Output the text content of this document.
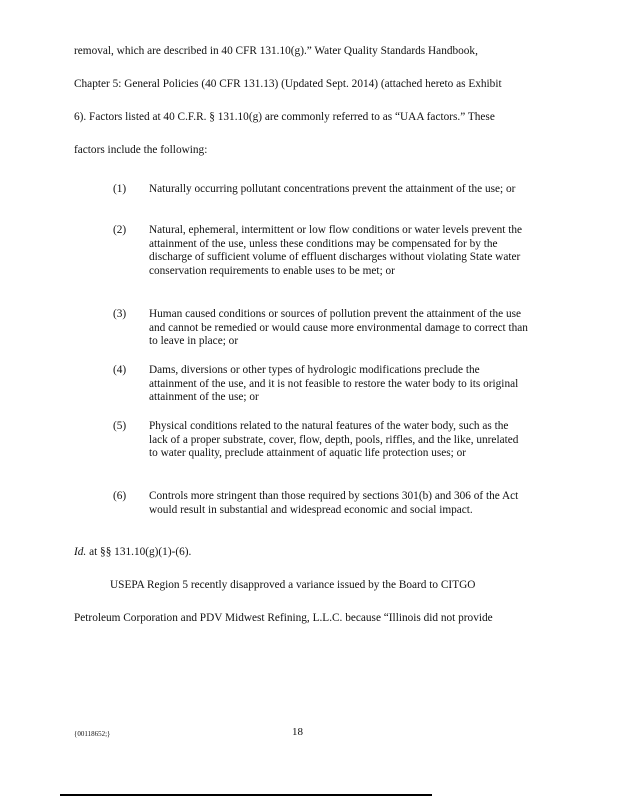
removal, which are described in 40 CFR 131.10(g).” Water Quality Standards Handbook,
Chapter 5: General Policies (40 CFR 131.13) (Updated Sept. 2014) (attached hereto as Exhibit
6). Factors listed at 40 C.F.R. § 131.10(g) are commonly referred to as “UAA factors.” These
factors include the following:
(1) Naturally occurring pollutant concentrations prevent the attainment of the use; or
(2) Natural, ephemeral, intermittent or low flow conditions or water levels prevent the attainment of the use, unless these conditions may be compensated for by the discharge of sufficient volume of effluent discharges without violating State water conservation requirements to enable uses to be met; or
(3) Human caused conditions or sources of pollution prevent the attainment of the use and cannot be remedied or would cause more environmental damage to correct than to leave in place; or
(4) Dams, diversions or other types of hydrologic modifications preclude the attainment of the use, and it is not feasible to restore the water body to its original attainment of the use; or
(5) Physical conditions related to the natural features of the water body, such as the lack of a proper substrate, cover, flow, depth, pools, riffles, and the like, unrelated to water quality, preclude attainment of aquatic life protection uses; or
(6) Controls more stringent than those required by sections 301(b) and 306 of the Act would result in substantial and widespread economic and social impact.
Id. at §§ 131.10(g)(1)-(6).
USEPA Region 5 recently disapproved a variance issued by the Board to CITGO
Petroleum Corporation and PDV Midwest Refining, L.L.C. because “Illinois did not provide
{00118652;}	18
